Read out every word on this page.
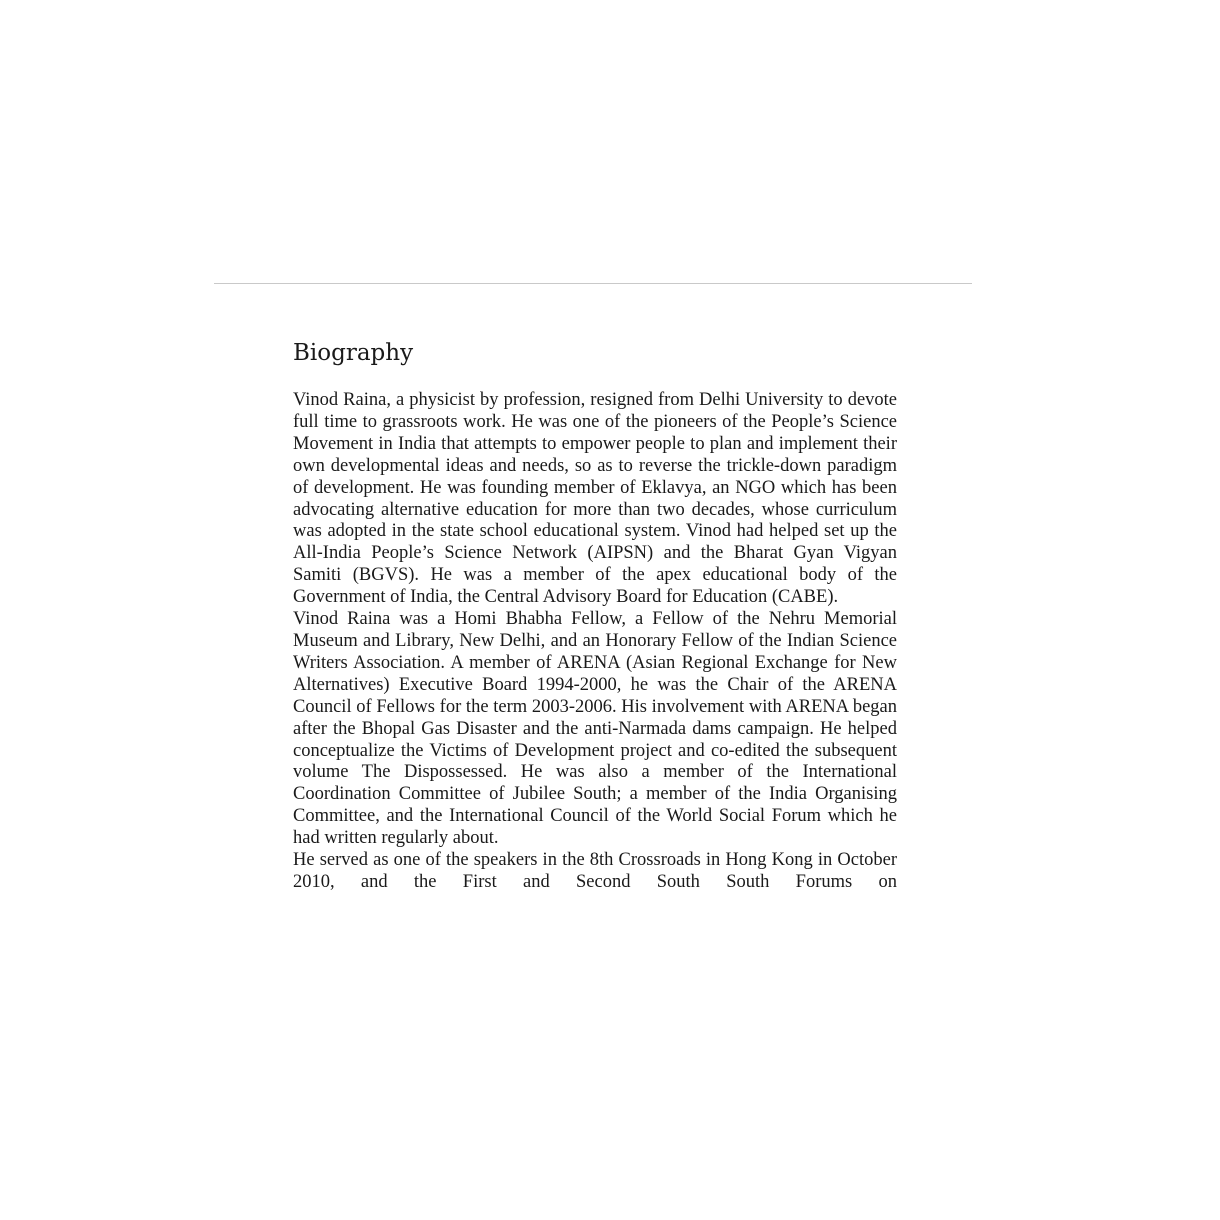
Biography

Vinod Raina, a physicist by profession, resigned from Delhi University to devote full time to grassroots work. He was one of the pioneers of the People’s Science Movement in India that attempts to empower people to plan and implement their own developmental ideas and needs, so as to reverse the trickle-down paradigm of development. He was founding member of Eklavya, an NGO which has been advocating alternative education for more than two decades, whose curriculum was adopted in the state school educational system. Vinod had helped set up the All-India People’s Science Network (AIPSN) and the Bharat Gyan Vigyan Samiti (BGVS). He was a member of the apex educational body of the Government of India, the Central Advisory Board for Education (CABE).

Vinod Raina was a Homi Bhabha Fellow, a Fellow of the Nehru Memorial Museum and Library, New Delhi, and an Honorary Fellow of the Indian Science Writers Association. A member of ARENA (Asian Regional Exchange for New Alternatives) Executive Board 1994-2000, he was the Chair of the ARENA Council of Fellows for the term 2003-2006. His involvement with ARENA began after the Bhopal Gas Disaster and the anti-Narmada dams campaign. He helped conceptualize the Victims of Development project and co-edited the subsequent volume The Dispossessed. He was also a member of the International Coordination Committee of Jubilee South; a member of the India Organising Committee, and the International Council of the World Social Forum which he had written regularly about.

He served as one of the speakers in the 8th Crossroads in Hong Kong in October 2010, and the First and Second South South Forums on
